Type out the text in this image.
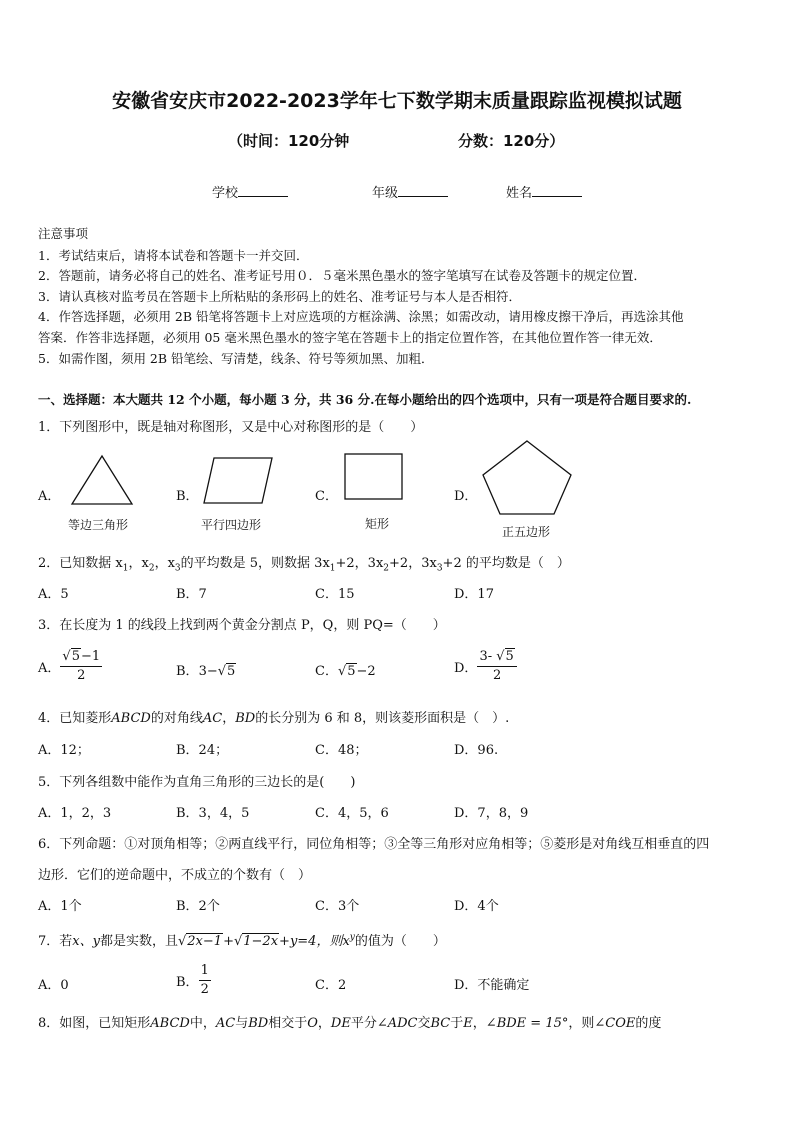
安徽省安庆市2022-2023学年七下数学期末质量跟踪监视模拟试题
（时间：120分钟	分数：120分）
学校	年级	姓名
注意事项
1．考试结束后，请将本试卷和答题卡一并交回．
2．答题前，请务必将自己的姓名、准考证号用０．５毫米黑色墨水的签字笔填写在试卷及答题卡的规定位置．
3．请认真核对监考员在答题卡上所粘贴的条形码上的姓名、准考证号与本人是否相符．
4．作答选择题，必须用 2B 铅笔将答题卡上对应选项的方框涂满、涂黑；如需改动，请用橡皮擦干净后，再选涂其他
答案．作答非选择题，必须用 05 毫米黑色墨水的签字笔在答题卡上的指定位置作答，在其他位置作答一律无效．
5．如需作图，须用 2B 铅笔绘、写清楚，线条、符号等须加黑、加粗．
一、选择题：本大题共 12 个小题，每小题 3 分，共 36 分.在每小题给出的四个选项中，只有一项是符合题目要求的.
1．下列图形中，既是轴对称图形，又是中心对称图形的是（　　）
A．	B．	C．	D．
等边三角形	平行四边形	矩形
正五边形
2．已知数据 $x_1$，$x_2$，$x_3$的平均数是 5，则数据 $3x_1+2$，$3x_2+2$，$3x_3+2$ 的平均数是（　）
A．5	B．7	C．15	D．17
3．在长度为 1 的线段上找到两个黄金分割点 P，Q，则 PQ=（　　）
A． $\frac{√5-1}{2}$	B．3−√5	C．√5−2	D． $\frac{3- √5}{2}$
4．已知菱形ABCD的对角线AC，BD的长分别为 6 和 8，则该菱形面积是（　）.
A．12；	B．24；	C．48；	D．96.
5．下列各组数中能作为直角三角形的三边长的是(　　)
A．1，2，3	B．3，4，5	C．4，5，6	D．7，8，9
6．下列命题：①对顶角相等；②两直线平行，同位角相等；③全等三角形对应角相等；⑤菱形是对角线互相垂直的四
边形．它们的逆命题中，不成立的个数有（　）
A．1个	B．2个	C．3个	D．4个
7．若x、y都是实数，且√2x−1+√1−2x+y=4，则$x^y$的值为（　　）
A．0	B． $\frac{1}{2}$	C．2	D．不能确定
8．如图，已知矩形ABCD中，AC与BD相交于O，DE平分∠ADC交BC于E，∠BDE = 15°，则∠COE的度
